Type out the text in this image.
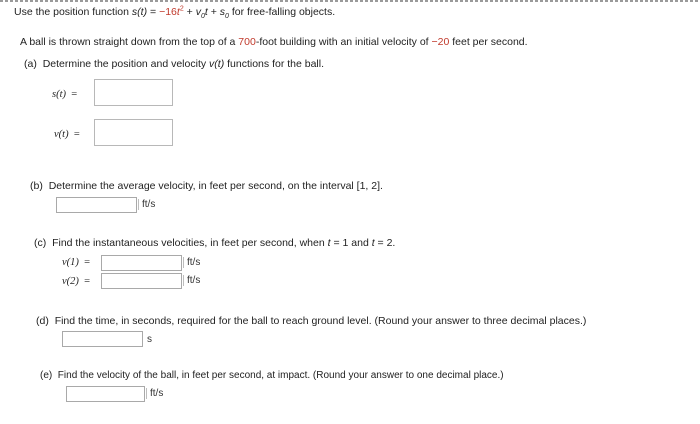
Use the position function $s(t) = -16t^2 + v_0t + s_0$ for free-falling objects.
A ball is thrown straight down from the top of a 700-foot building with an initial velocity of −20 feet per second.
(a) Determine the position and velocity v(t) functions for the ball.
s(t) =
v(t) =
(b) Determine the average velocity, in feet per second, on the interval [1, 2].
ft/s
(c) Find the instantaneous velocities, in feet per second, when t = 1 and t = 2.
v(1) =	ft/s
v(2) =	ft/s
(d) Find the time, in seconds, required for the ball to reach ground level. (Round your answer to three decimal places.)
s
(e) Find the velocity of the ball, in feet per second, at impact. (Round your answer to one decimal place.)
ft/s
